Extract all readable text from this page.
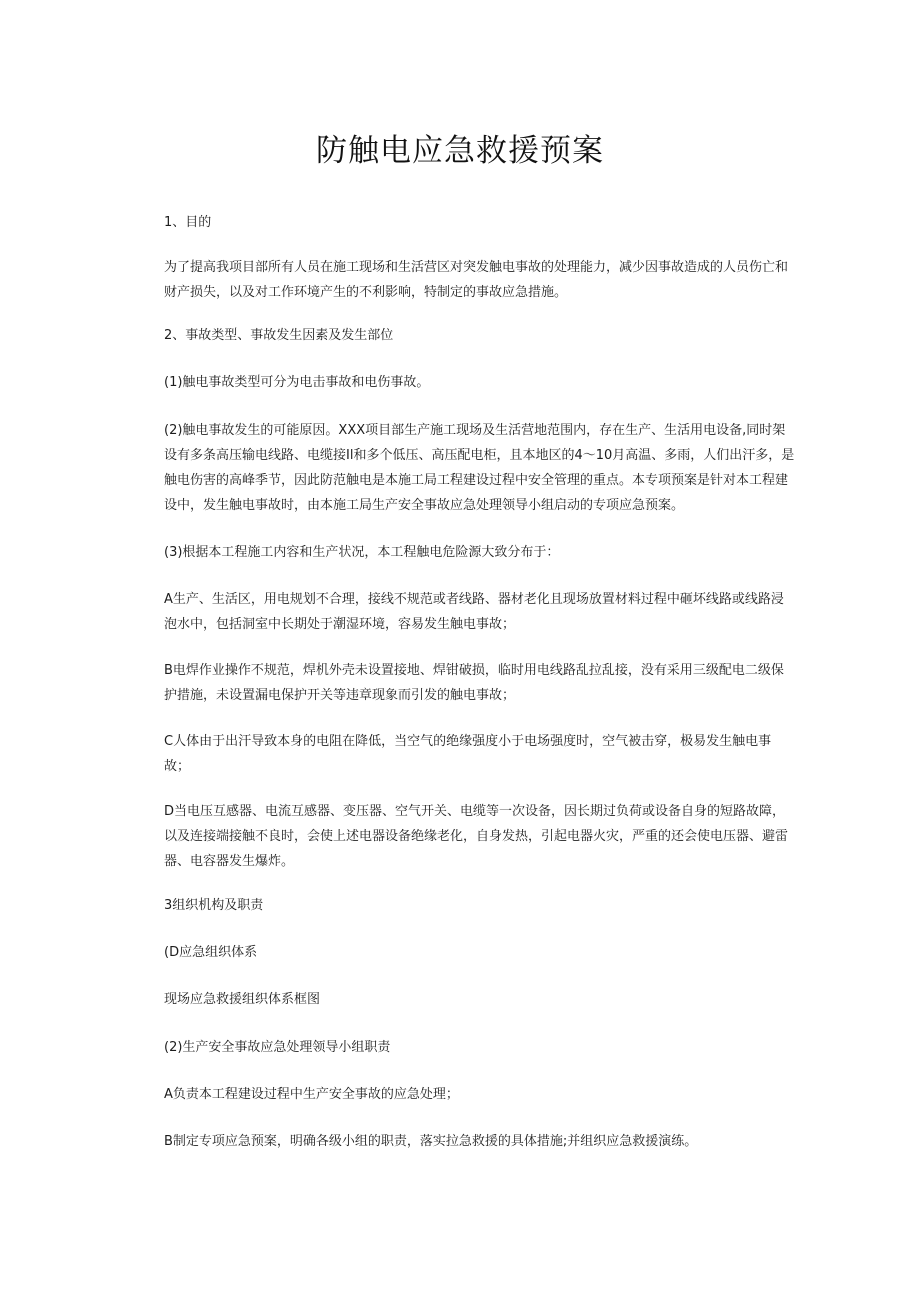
防触电应急救援预案
1、目的
为了提高我项目部所有人员在施工现场和生活营区对突发触电事故的处理能力，减少因事故造成的人员伤亡和财产损失，以及对工作环境产生的不利影响，特制定的事故应急措施。
2、事故类型、事故发生因素及发生部位
(1)触电事故类型可分为电击事故和电伤事故。
(2)触电事故发生的可能原因。XXX项目部生产施工现场及生活营地范围内，存在生产、生活用电设备,同时架设有多条高压输电线路、电缆接Il和多个低压、高压配电柜，且本地区的4～10月高温、多雨，人们出汗多，是触电伤害的高峰季节，因此防范触电是本施工局工程建设过程中安全管理的重点。本专项预案是针对本工程建设中，发生触电事故时，由本施工局生产安全事故应急处理领导小组启动的专项应急预案。
(3)根据本工程施工内容和生产状况，本工程触电危险源大致分布于：
A生产、生活区，用电规划不合理，接线不规范或者线路、器材老化且现场放置材料过程中砸坏线路或线路浸泡水中，包括洞室中长期处于潮湿环境，容易发生触电事故；
B电焊作业操作不规范，焊机外壳未设置接地、焊钳破损，临时用电线路乱拉乱接，没有采用三级配电二级保护措施，未设置漏电保护开关等违章现象而引发的触电事故；
C人体由于出汗导致本身的电阻在降低，当空气的绝缘强度小于电场强度时，空气被击穿，极易发生触电事故；
D当电压互感器、电流互感器、变压器、空气开关、电缆等一次设备，因长期过负荷或设备自身的短路故障，以及连接端接触不良时，会使上述电器设备绝缘老化，自身发热，引起电器火灾，严重的还会使电压器、避雷器、电容器发生爆炸。
3组织机构及职责
(D应急组织体系
现场应急救援组织体系框图
(2)生产安全事故应急处理领导小组职责
A负责本工程建设过程中生产安全事故的应急处理；
B制定专项应急预案，明确各级小组的职责，落实拉急救援的具体措施;并组织应急救援演练。
